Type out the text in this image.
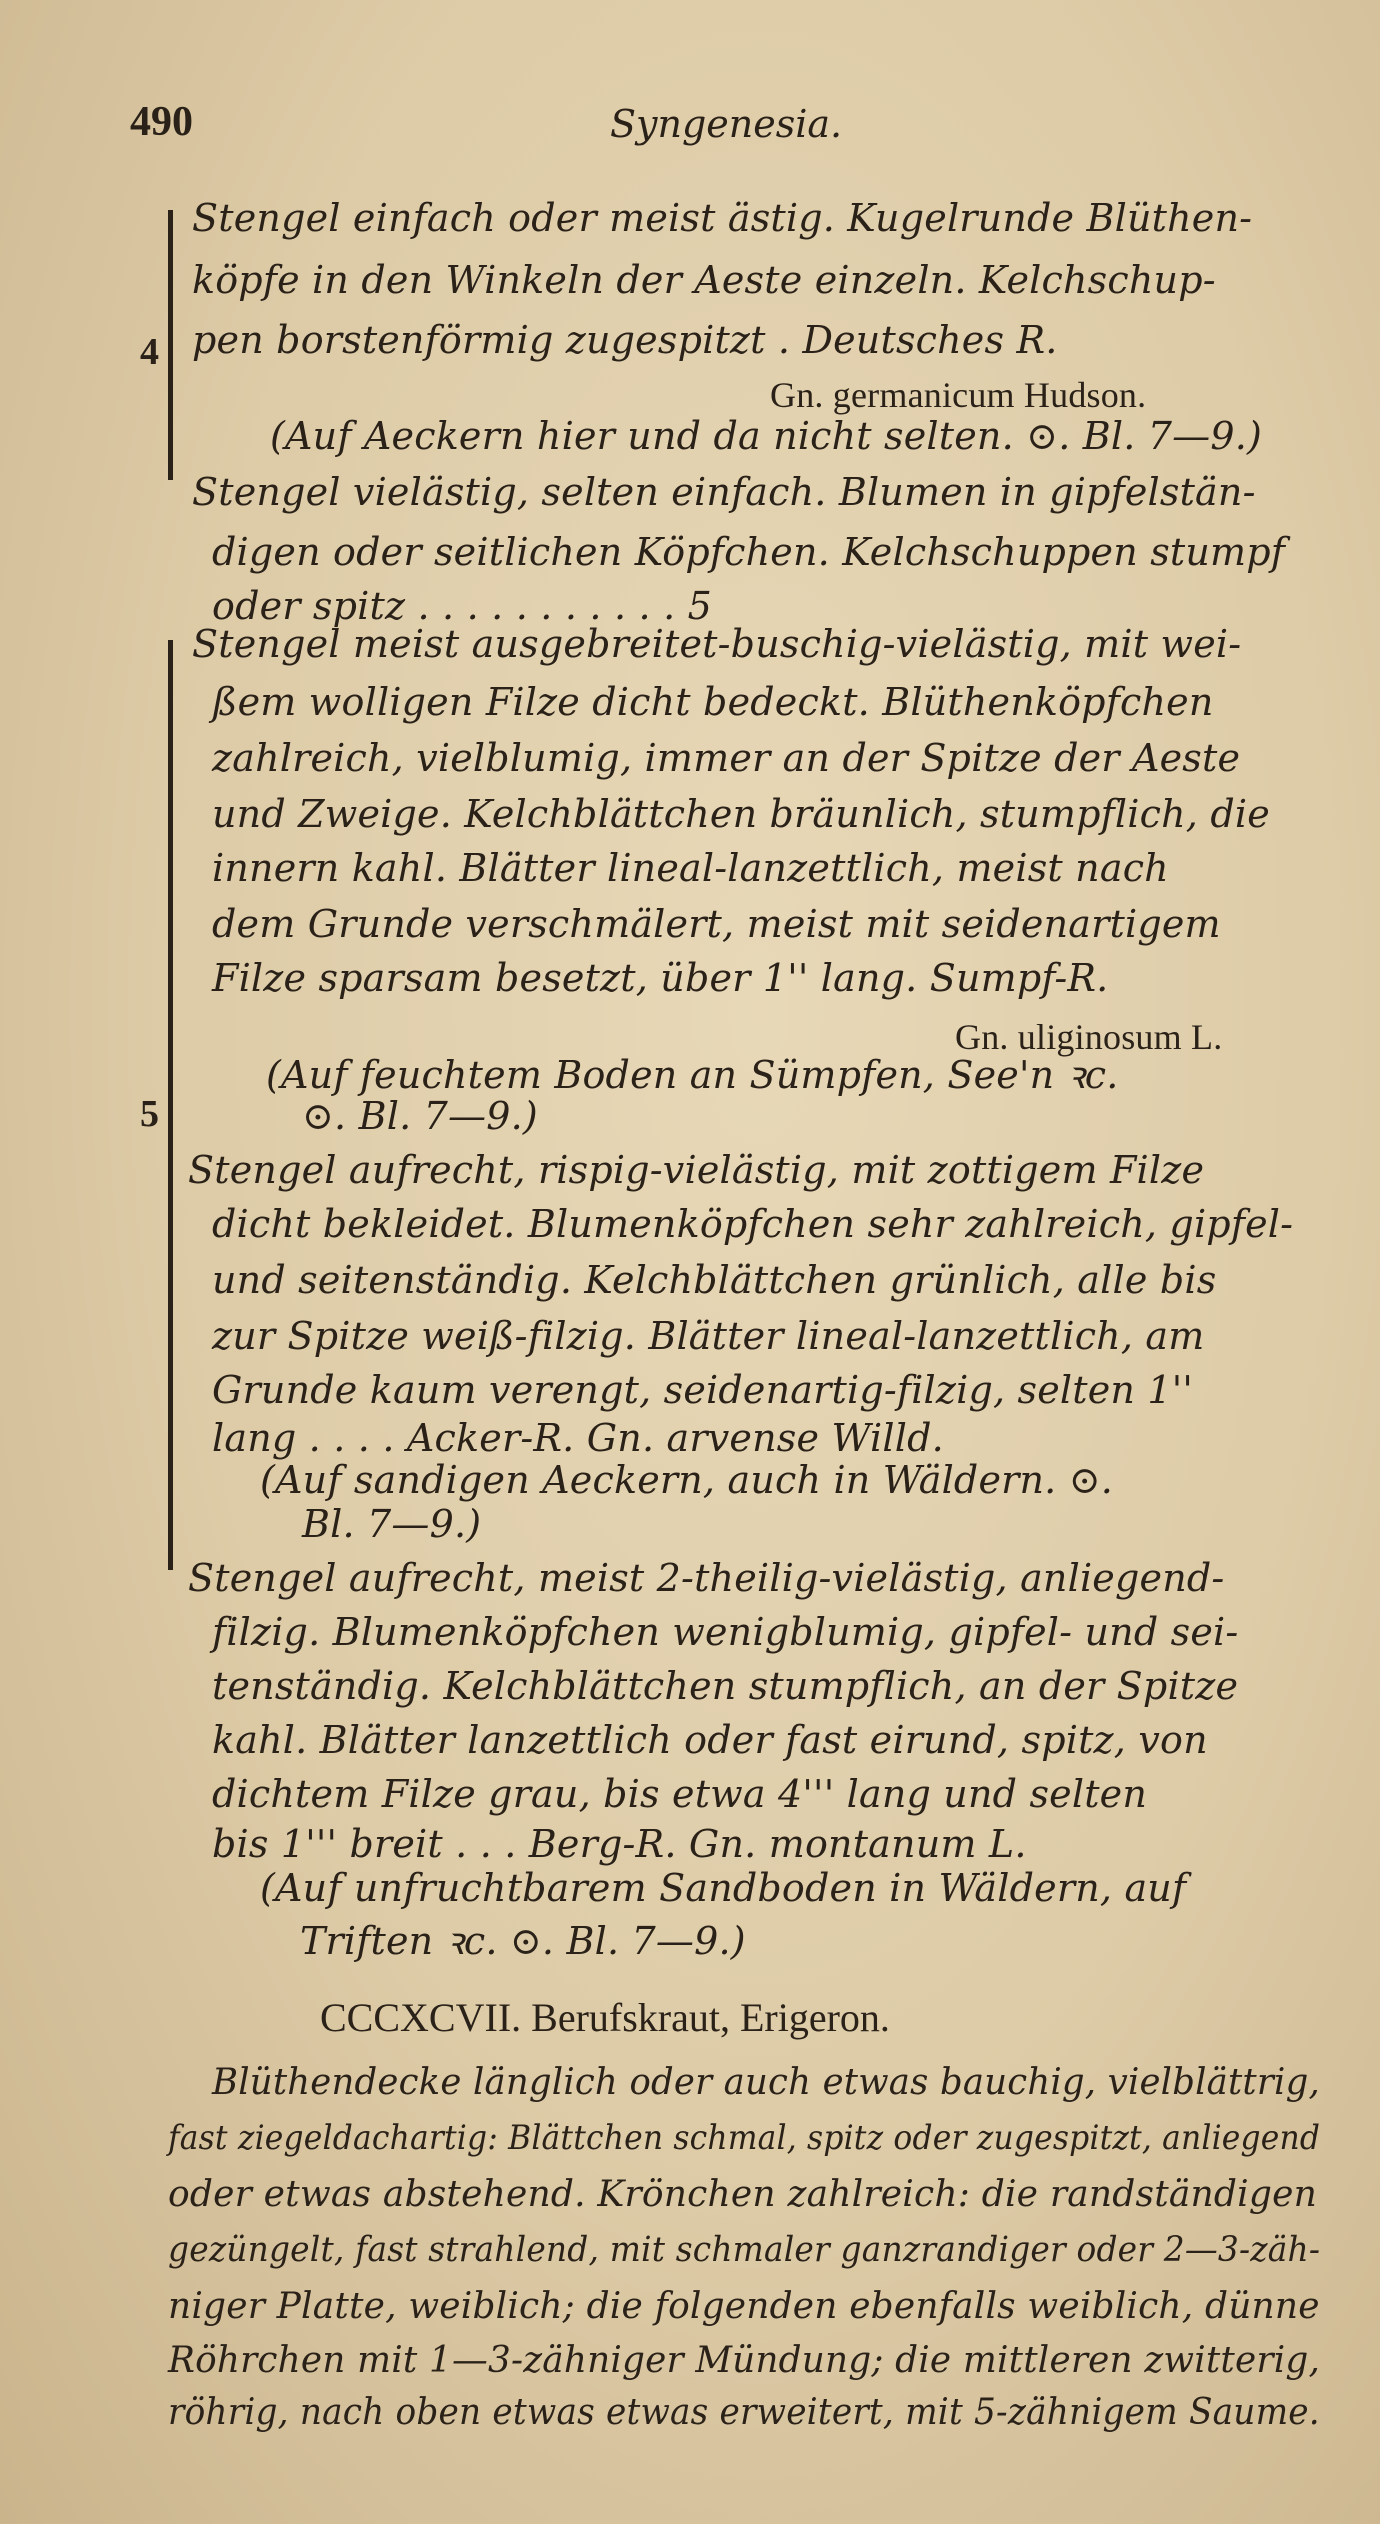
490	Syngenesia.
4
Stengel einfach oder meist ästig. Kugelrunde Blüthen-
köpfe in den Winkeln der Aeste einzeln. Kelchschup-
pen borstenförmig zugespitzt . Deutsches R.
Gn. germanicum Hudson.
(Auf Aeckern hier und da nicht selten. ⊙. Bl. 7—9.)
Stengel vielästig, selten einfach. Blumen in gipfelstän-
digen oder seitlichen Köpfchen. Kelchschuppen stumpf
oder spitz . . . . . . . . . . . 5
5
Stengel meist ausgebreitet-buschig-vielästig, mit wei-
ßem wolligen Filze dicht bedeckt. Blüthenköpfchen
zahlreich, vielblumig, immer an der Spitze der Aeste
und Zweige. Kelchblättchen bräunlich, stumpflich, die
innern kahl. Blätter lineal-lanzettlich, meist nach
dem Grunde verschmälert, meist mit seidenartigem
Filze sparsam besetzt, über 1'' lang. Sumpf-R.
Gn. uliginosum L.
(Auf feuchtem Boden an Sümpfen, See'n ꝛc.
⊙. Bl. 7—9.)
Stengel aufrecht, rispig-vielästig, mit zottigem Filze
dicht bekleidet. Blumenköpfchen sehr zahlreich, gipfel-
und seitenständig. Kelchblättchen grünlich, alle bis
zur Spitze weiß-filzig. Blätter lineal-lanzettlich, am
Grunde kaum verengt, seidenartig-filzig, selten 1''
lang . . . . Acker-R. Gn. arvense Willd.
(Auf sandigen Aeckern, auch in Wäldern. ⊙.
Bl. 7—9.)
Stengel aufrecht, meist 2-theilig-vielästig, anliegend-
filzig. Blumenköpfchen wenigblumig, gipfel- und sei-
tenständig. Kelchblättchen stumpflich, an der Spitze
kahl. Blätter lanzettlich oder fast eirund, spitz, von
dichtem Filze grau, bis etwa 4''' lang und selten
bis 1''' breit . . . Berg-R. Gn. montanum L.
(Auf unfruchtbarem Sandboden in Wäldern, auf
Triften ꝛc. ⊙. Bl. 7—9.)
CCCXCVII. Berufskraut, Erigeron.
Blüthendecke länglich oder auch etwas bauchig, vielblättrig,
fast ziegeldachartig: Blättchen schmal, spitz oder zugespitzt, anliegend
oder etwas abstehend. Krönchen zahlreich: die randständigen
gezüngelt, fast strahlend, mit schmaler ganzrandiger oder 2—3-zäh-
niger Platte, weiblich; die folgenden ebenfalls weiblich, dünne
Röhrchen mit 1—3-zähniger Mündung; die mittleren zwitterig,
röhrig, nach oben etwas etwas erweitert, mit 5-zähnigem Saume.
